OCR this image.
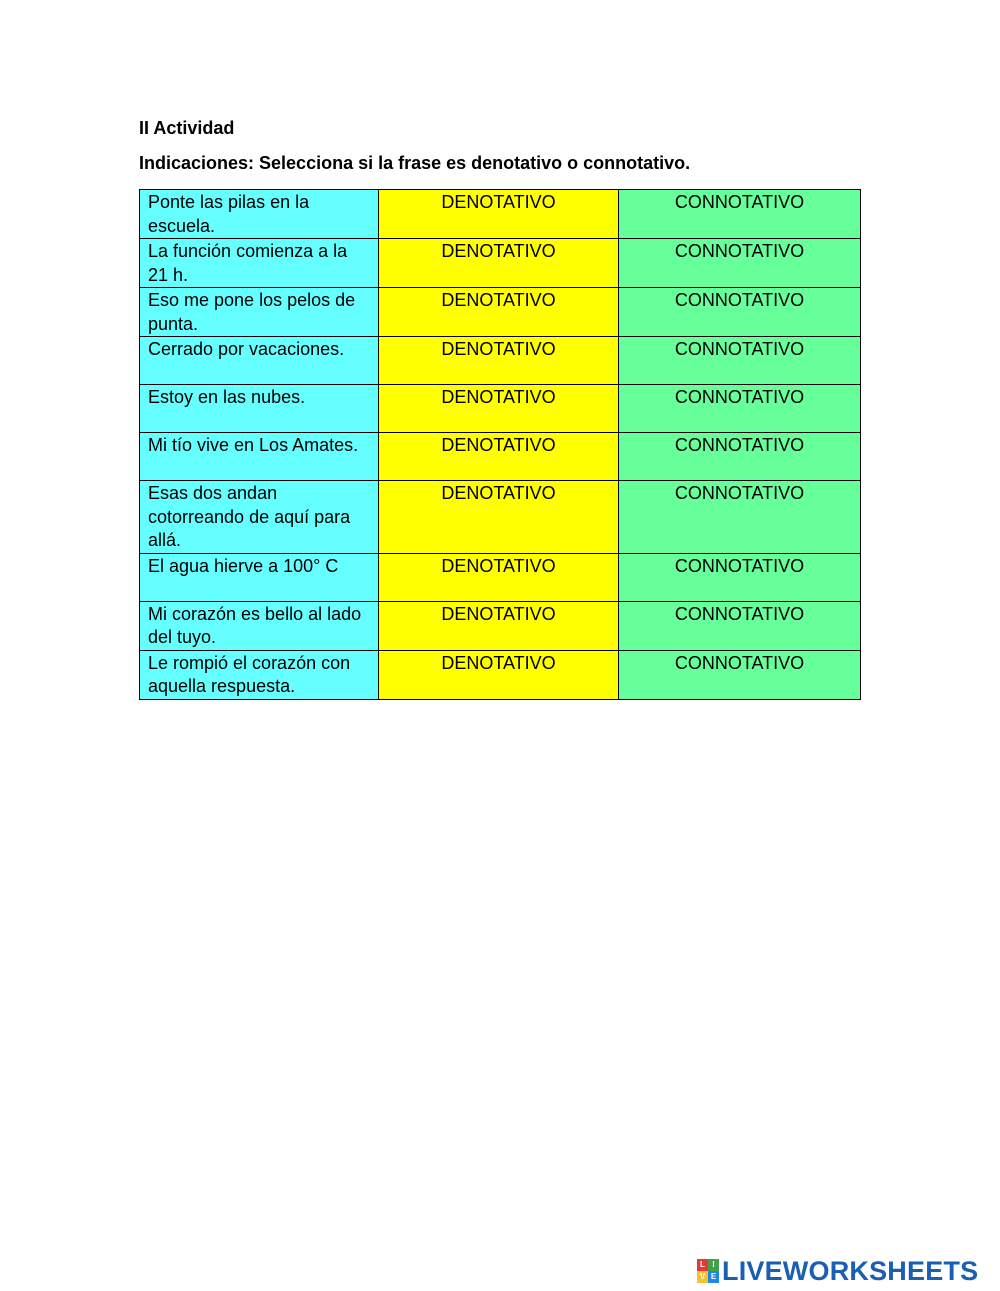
II Actividad
Indicaciones: Selecciona si la frase es denotativo o connotativo.
Ponte las pilas en la escuela.	DENOTATIVO	CONNOTATIVO
La función comienza a la 21 h.	DENOTATIVO	CONNOTATIVO
Eso me pone los pelos de punta.	DENOTATIVO	CONNOTATIVO
Cerrado por vacaciones.	DENOTATIVO	CONNOTATIVO
Estoy en las nubes.	DENOTATIVO	CONNOTATIVO
Mi tío vive en Los Amates.	DENOTATIVO	CONNOTATIVO
Esas dos andan cotorreando de aquí para allá.	DENOTATIVO	CONNOTATIVO
El agua hierve a 100° C	DENOTATIVO	CONNOTATIVO
Mi corazón es bello al lado del tuyo.	DENOTATIVO	CONNOTATIVO
Le rompió el corazón con aquella respuesta.	DENOTATIVO	CONNOTATIVO
L I
V E LIVEWORKSHEETS
